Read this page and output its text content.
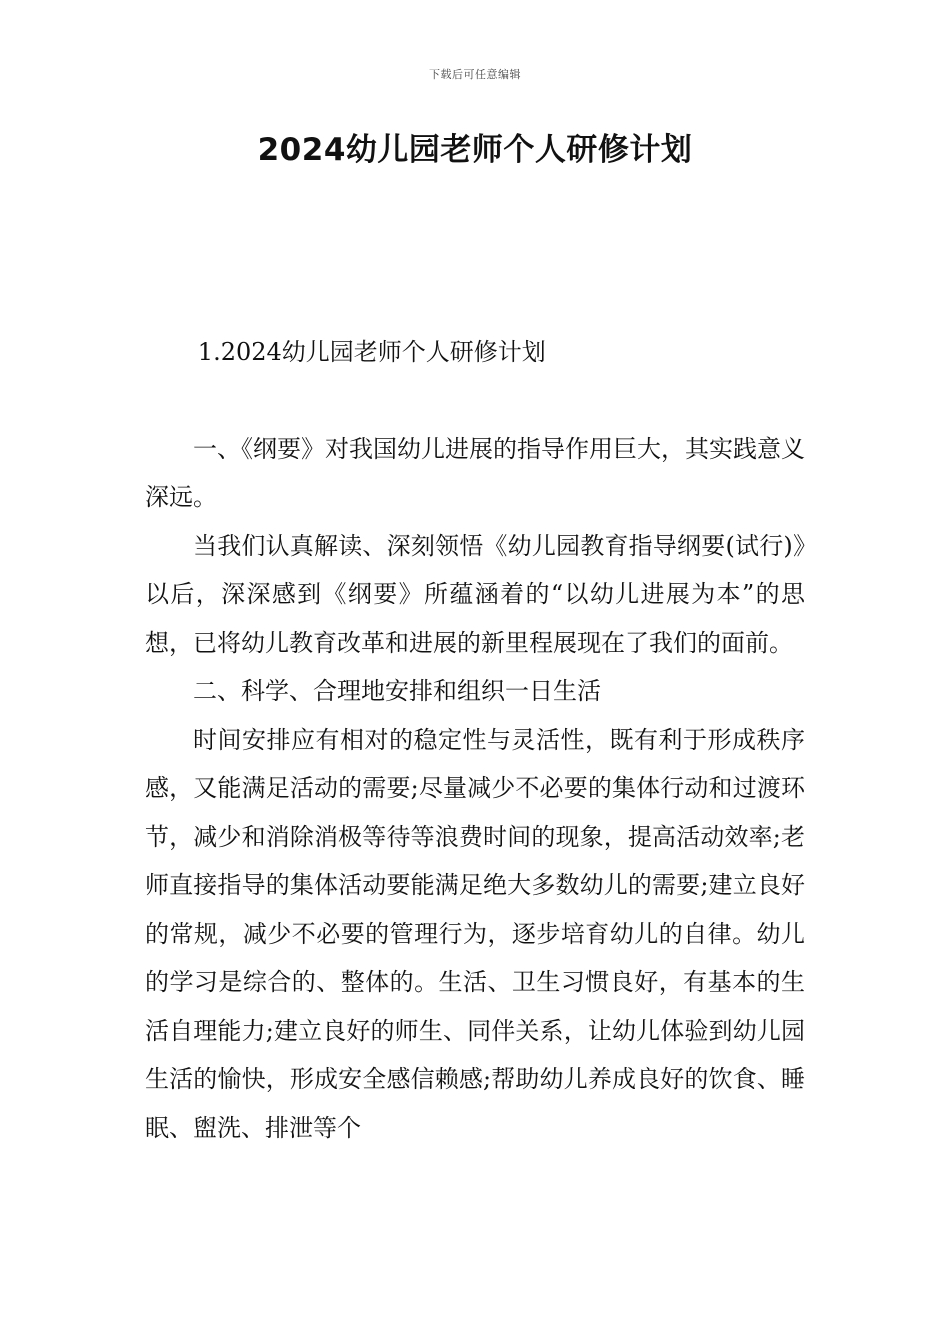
下载后可任意编辑
2024幼儿园老师个人研修计划

1.2024幼儿园老师个人研修计划

一、《纲要》对我国幼儿进展的指导作用巨大，其实践意义深远。

当我们认真解读、深刻领悟《幼儿园教育指导纲要(试行)》以后，深深感到《纲要》所蕴涵着的“以幼儿进展为本”的思想，已将幼儿教育改革和进展的新里程展现在了我们的面前。

二、科学、合理地安排和组织一日生活

时间安排应有相对的稳定性与灵活性，既有利于形成秩序感，又能满足活动的需要;尽量减少不必要的集体行动和过渡环节，减少和消除消极等待等浪费时间的现象，提高活动效率;老师直接指导的集体活动要能满足绝大多数幼儿的需要;建立良好的常规，减少不必要的管理行为，逐步培育幼儿的自律。幼儿的学习是综合的、整体的。生活、卫生习惯良好，有基本的生活自理能力;建立良好的师生、同伴关系，让幼儿体验到幼儿园生活的愉快，形成安全感信赖感;帮助幼儿养成良好的饮食、睡眠、盥洗、排泄等个
